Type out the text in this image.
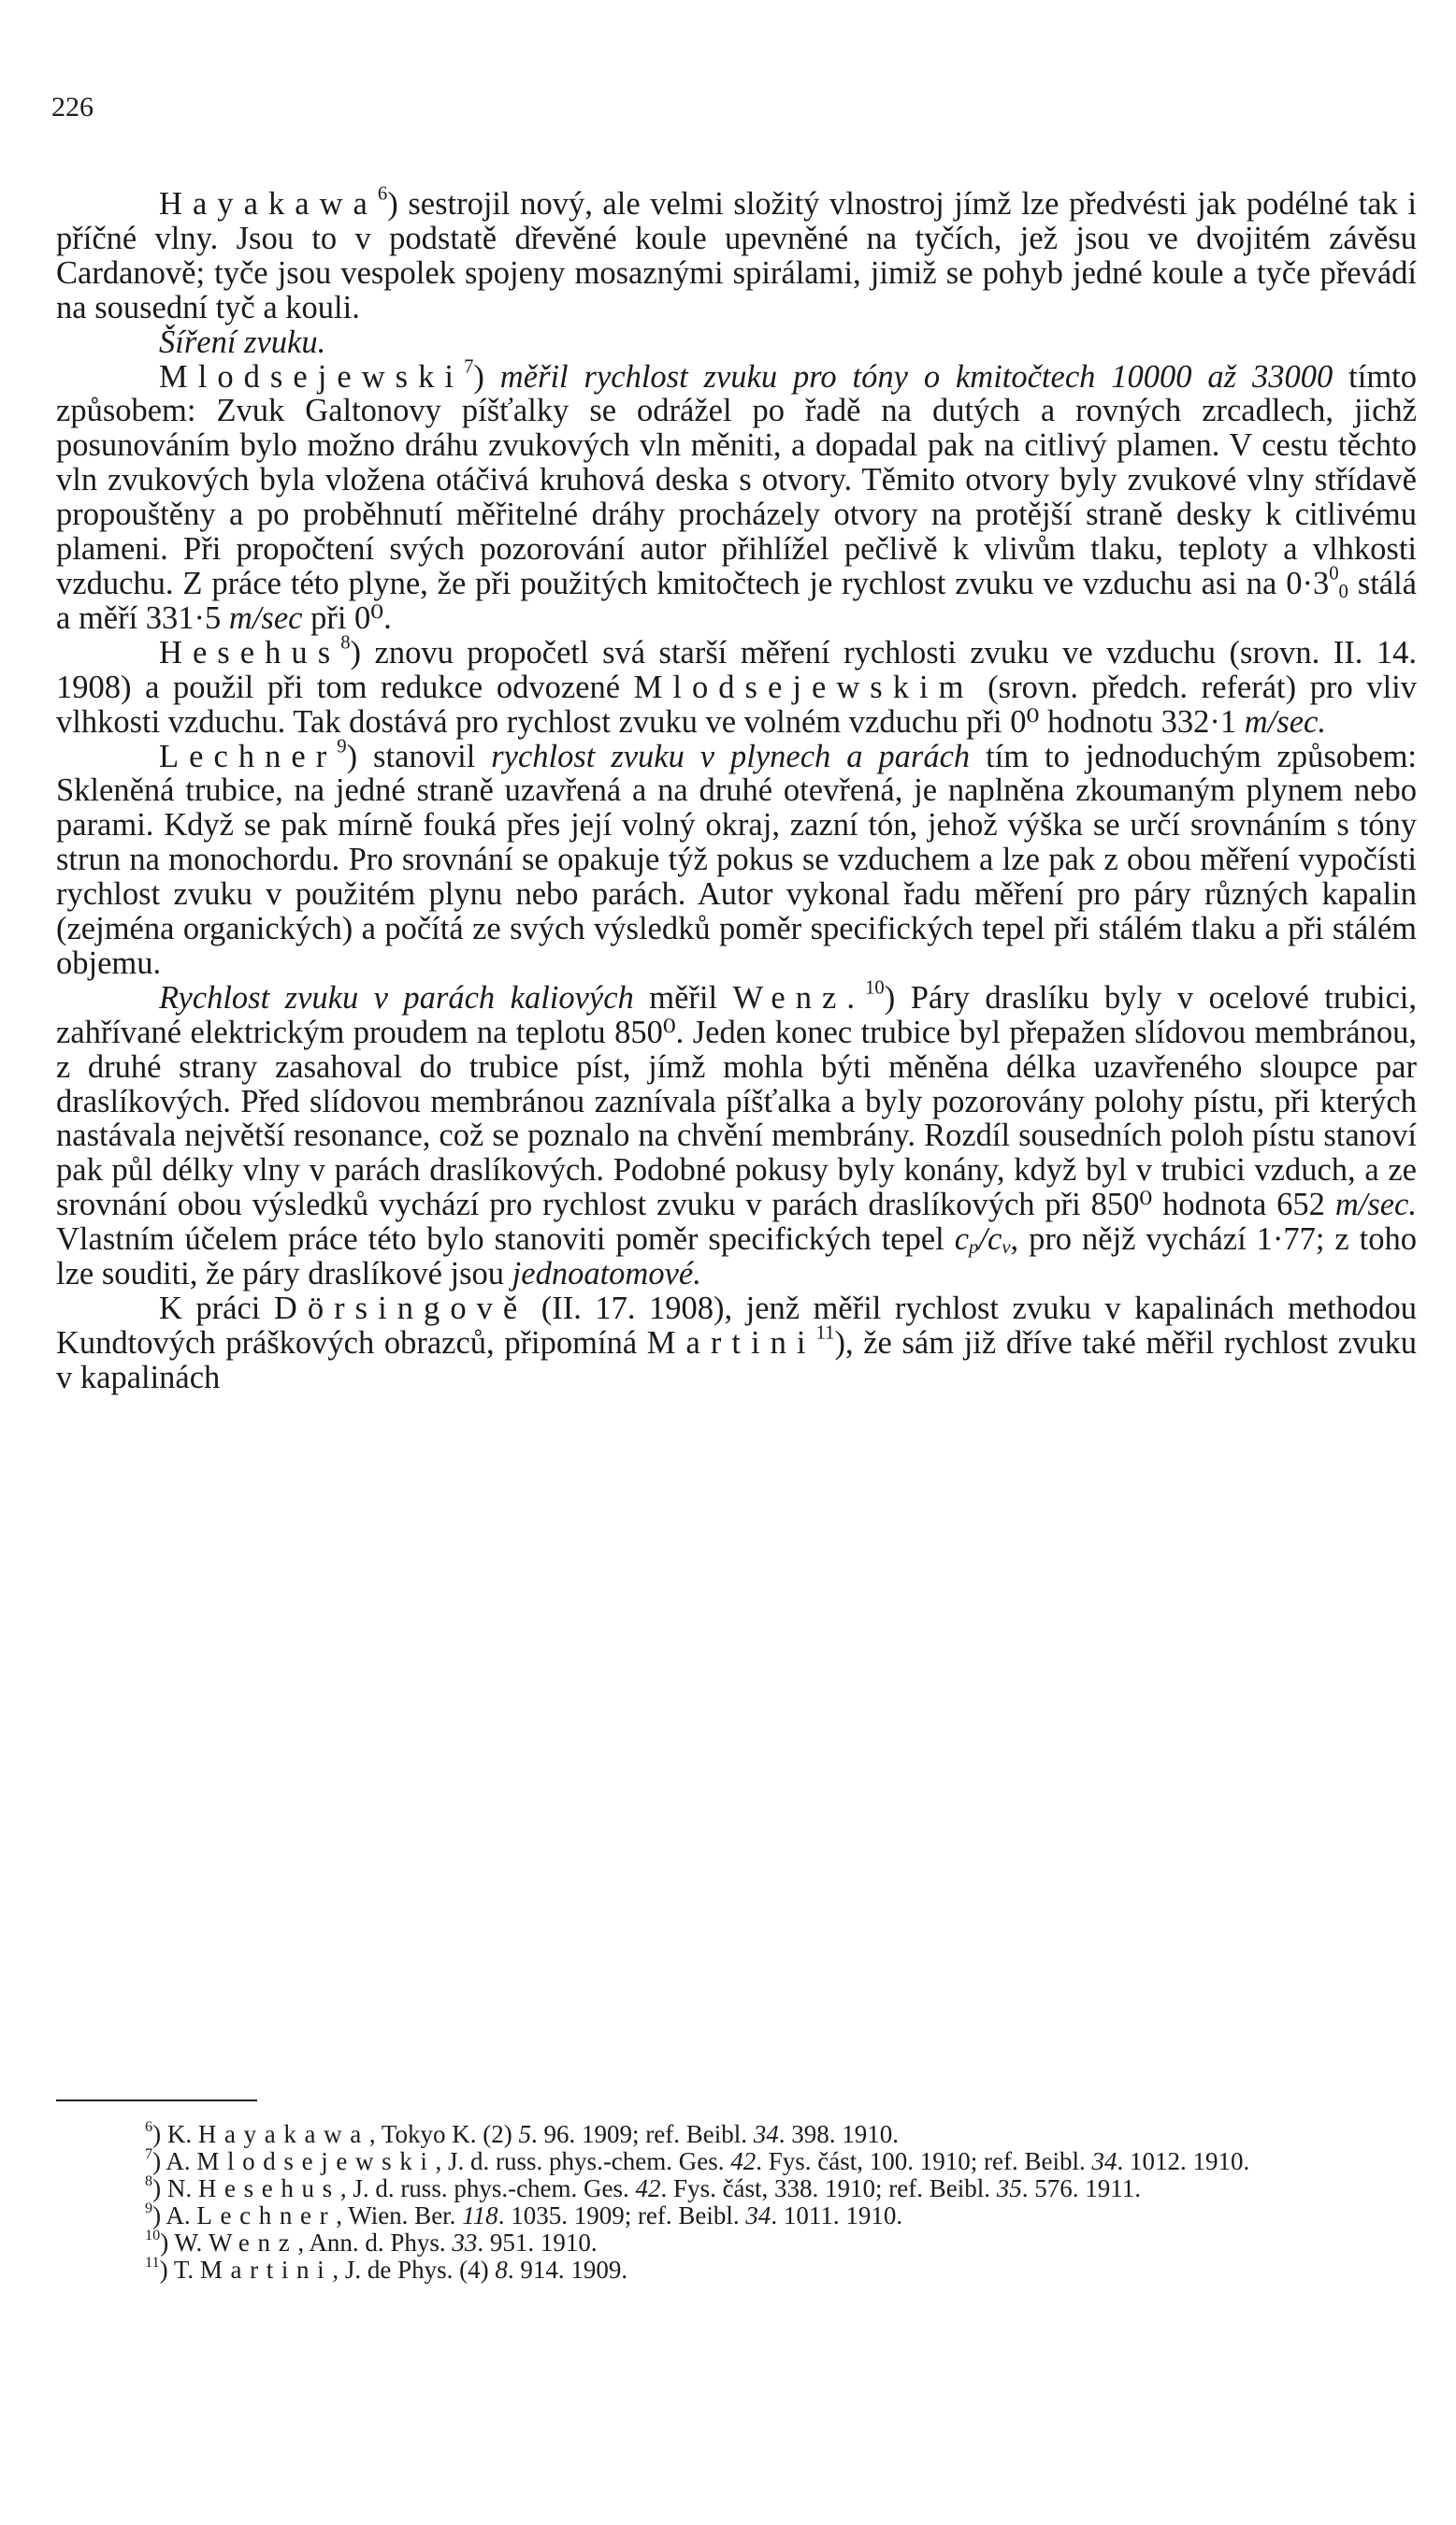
226

Hayakawa$^6$) sestrojil nový, ale velmi složitý vlnostroj jímž lze předvésti jak podélné tak i příčné vlny. Jsou to v podstatě dřevěné koule upevněné na tyčích, jež jsou ve dvojitém závěsu Cardanově; tyče jsou vespolek spojeny mosaznými spirálami, jimiž se pohyb jedné koule a tyče převádí na sousední tyč a kouli.

Šíření zvuku.

Mlodsejewski$^7$) měřil rychlost zvuku pro tóny o kmitočtech 10000 až 33000 tímto způsobem: Zvuk Galtonovy píšťalky se odrážel po řadě na dutých a rovných zrcadlech, jichž posunováním bylo možno dráhu zvukových vln měniti, a dopadal pak na citlivý plamen. V cestu těchto vln zvukových byla vložena otáčivá kruhová deska s otvory. Těmito otvory byly zvukové vlny střídavě propouštěny a po proběhnutí měřitelné dráhy procházely otvory na protější straně desky k citlivému plameni. Při propočtení svých pozorování autor přihlížel pečlivě k vlivům tlaku, teploty a vlhkosti vzduchu. Z práce této plyne, že při použitých kmitočtech je rychlost zvuku ve vzduchu asi na $0\cdot 3^0_0$ stálá a měří 331·5 m/sec při 0⁰.

Hesehus$^8$) znovu propočetl svá starší měření rychlosti zvuku ve vzduchu (srovn. II. 14. 1908) a použil při tom redukce odvozené Mlodsejewskim (srovn. předch. referát) pro vliv vlhkosti vzduchu. Tak dostává pro rychlost zvuku ve volném vzduchu při 0⁰ hodnotu 332·1 m/sec.

Lechner$^9$) stanovil rychlost zvuku v plynech a parách tím to jednoduchým způsobem: Skleněná trubice, na jedné straně uzavřená a na druhé otevřená, je naplněna zkoumaným plynem nebo parami. Když se pak mírně fouká přes její volný okraj, zazní tón, jehož výška se určí srovnáním s tóny strun na monochordu. Pro srovnání se opakuje týž pokus se vzduchem a lze pak z obou měření vypočísti rychlost zvuku v použitém plynu nebo parách. Autor vykonal řadu měření pro páry různých kapalin (zejména organických) a počítá ze svých výsledků poměr specifických tepel při stálém tlaku a při stálém objemu.

Rychlost zvuku v parách kaliových měřil Wenz.$^{10}$) Páry draslíku byly v ocelové trubici, zahřívané elektrickým proudem na teplotu 850⁰. Jeden konec trubice byl přepažen slídovou membránou, z druhé strany zasahoval do trubice píst, jímž mohla býti měněna délka uzavřeného sloupce par draslíkových. Před slídovou membránou zaznívala píšťalka a byly pozorovány polohy pístu, při kterých nastávala největší resonance, což se poznalo na chvění membrány. Rozdíl sousedních poloh pístu stanoví pak půl délky vlny v parách draslíkových. Podobné pokusy byly konány, když byl v trubici vzduch, a ze srovnání obou výsledků vychází pro rychlost zvuku v parách draslíkových při 850⁰ hodnota 652 m/sec. Vlastním účelem práce této bylo stanoviti poměr specifických tepel $c_p/c_v$, pro nějž vychází 1·77; z toho lze souditi, že páry draslíkové jsou jednoatomové.

K práci Dörsingově (II. 17. 1908), jenž měřil rychlost zvuku v kapalinách methodou Kundtových práškových obrazců, připomíná Martini$^{11}$), že sám již dříve také měřil rychlost zvuku v kapalinách

$^6$) K. Hayakawa, Tokyo K. (2) 5. 96. 1909; ref. Beibl. 34. 398. 1910.

$^7$) A. Mlodsejewski, J. d. russ. phys.-chem. Ges. 42. Fys. část, 100. 1910; ref. Beibl. 34. 1012. 1910.

$^8$) N. Hesehus, J. d. russ. phys.-chem. Ges. 42. Fys. část, 338. 1910; ref. Beibl. 35. 576. 1911.

$^9$) A. Lechner, Wien. Ber. 118. 1035. 1909; ref. Beibl. 34. 1011. 1910.

$^{10}$) W. Wenz, Ann. d. Phys. 33. 951. 1910.

$^{11}$) T. Martini, J. de Phys. (4) 8. 914. 1909.
